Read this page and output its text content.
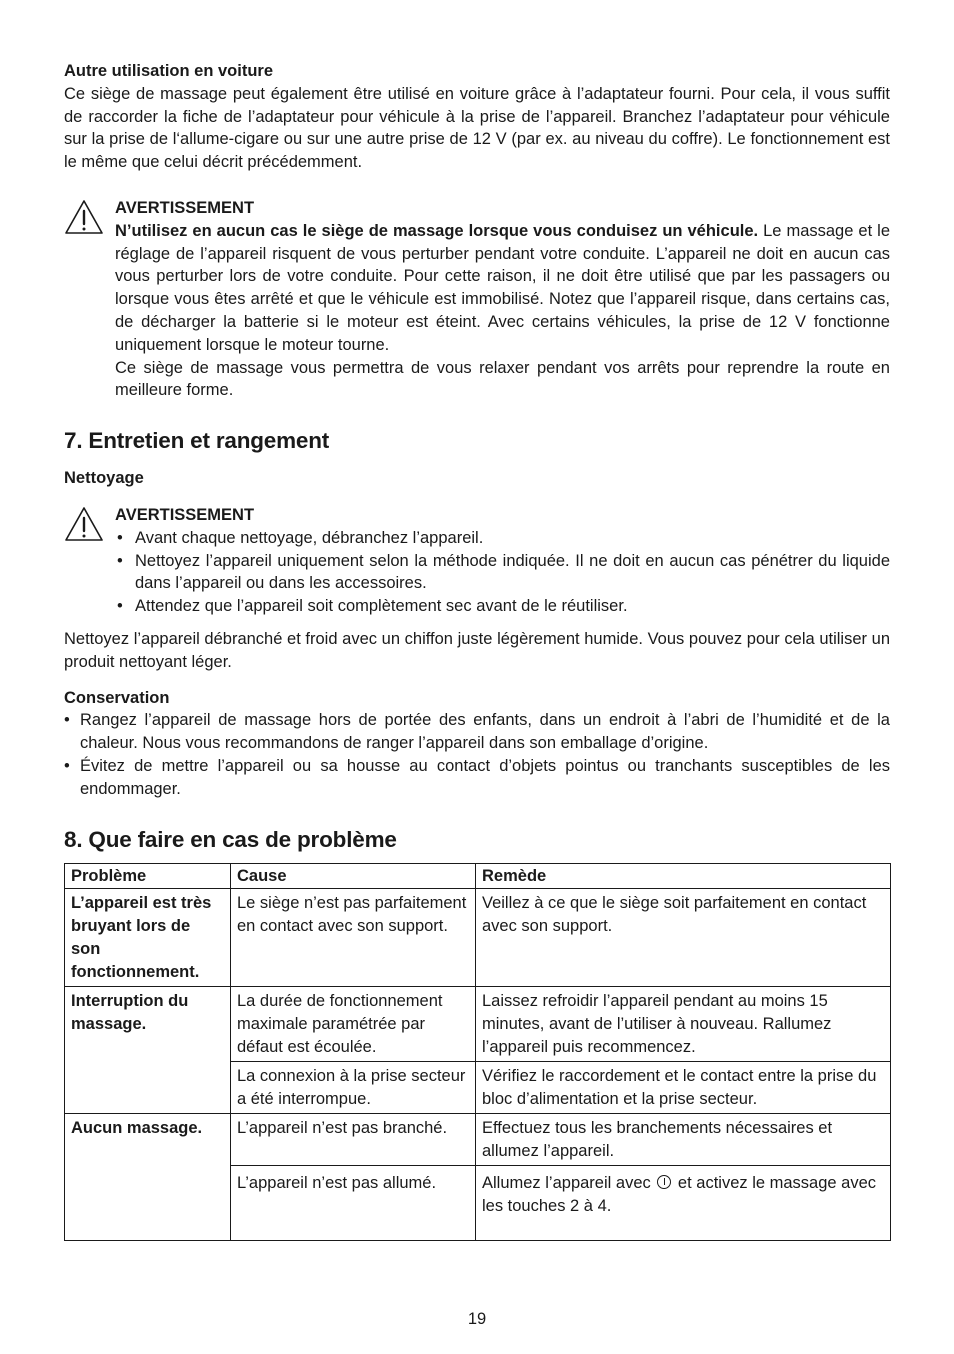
Autre utilisation en voiture

Ce siège de massage peut également être utilisé en voiture grâce à l’adaptateur fourni. Pour cela, il vous suffit de raccorder la fiche de l’adaptateur pour véhicule à la prise de l’appareil. Branchez l’adaptateur pour véhicule sur la prise de l‘allume-cigare ou sur une autre prise de 12 V (par ex. au niveau du coffre). Le fonctionnement est le même que celui décrit précédemment.

AVERTISSEMENT

N’utilisez en aucun cas le siège de massage lorsque vous conduisez un véhicule. Le massage et le réglage de l’appareil risquent de vous perturber pendant votre conduite. L’appareil ne doit en aucun cas vous perturber lors de votre conduite. Pour cette raison, il ne doit être utilisé que par les passagers ou lorsque vous êtes arrêté et que le véhicule est immobilisé. Notez que l’appareil risque, dans certains cas, de décharger la batterie si le moteur est éteint. Avec certains véhicules, la prise de 12 V fonctionne uniquement lorsque le moteur tourne.

Ce siège de massage vous permettra de vous relaxer pendant vos arrêts pour reprendre la route en meilleure forme.

7. Entretien et rangement

Nettoyage

AVERTISSEMENT

• Avant chaque nettoyage, débranchez l’appareil.
• Nettoyez l’appareil uniquement selon la méthode indiquée. Il ne doit en aucun cas pénétrer du liquide dans l’appareil ou dans les accessoires.
• Attendez que l’appareil soit complètement sec avant de le réutiliser.

Nettoyez l’appareil débranché et froid avec un chiffon juste légèrement humide. Vous pouvez pour cela utiliser un produit nettoyant léger.

Conservation

• Rangez l’appareil de massage hors de portée des enfants, dans un endroit à l’abri de l’humidité et de la chaleur. Nous vous recommandons de ranger l’appareil dans son emballage d’origine.
• Évitez de mettre l’appareil ou sa housse au contact d’objets pointus ou tranchants susceptibles de les endommager.
8. Que faire en cas de problème
Problème	Cause	Remède
L’appareil est très bruyant lors de son fonctionnement.	Le siège n’est pas parfaitement en contact avec son support.	Veillez à ce que le siège soit parfaitement en contact avec son support.
Interruption du massage.	La durée de fonctionnement maximale paramétrée par défaut est écoulée.	Laissez refroidir l’appareil pendant au moins 15 minutes, avant de l’utiliser à nouveau. Rallumez l’appareil puis recommencez.
	La connexion à la prise secteur a été interrompue.	Vérifiez le raccordement et le contact entre la prise du bloc d’alimentation et la prise secteur.
Aucun massage.	L’appareil n’est pas branché.	Effectuez tous les branchements nécessaires et allumez l’appareil.
	L’appareil n’est pas allumé.	Allumez l’appareil avec  et activez le massage avec les touches 2 à 4.
19
